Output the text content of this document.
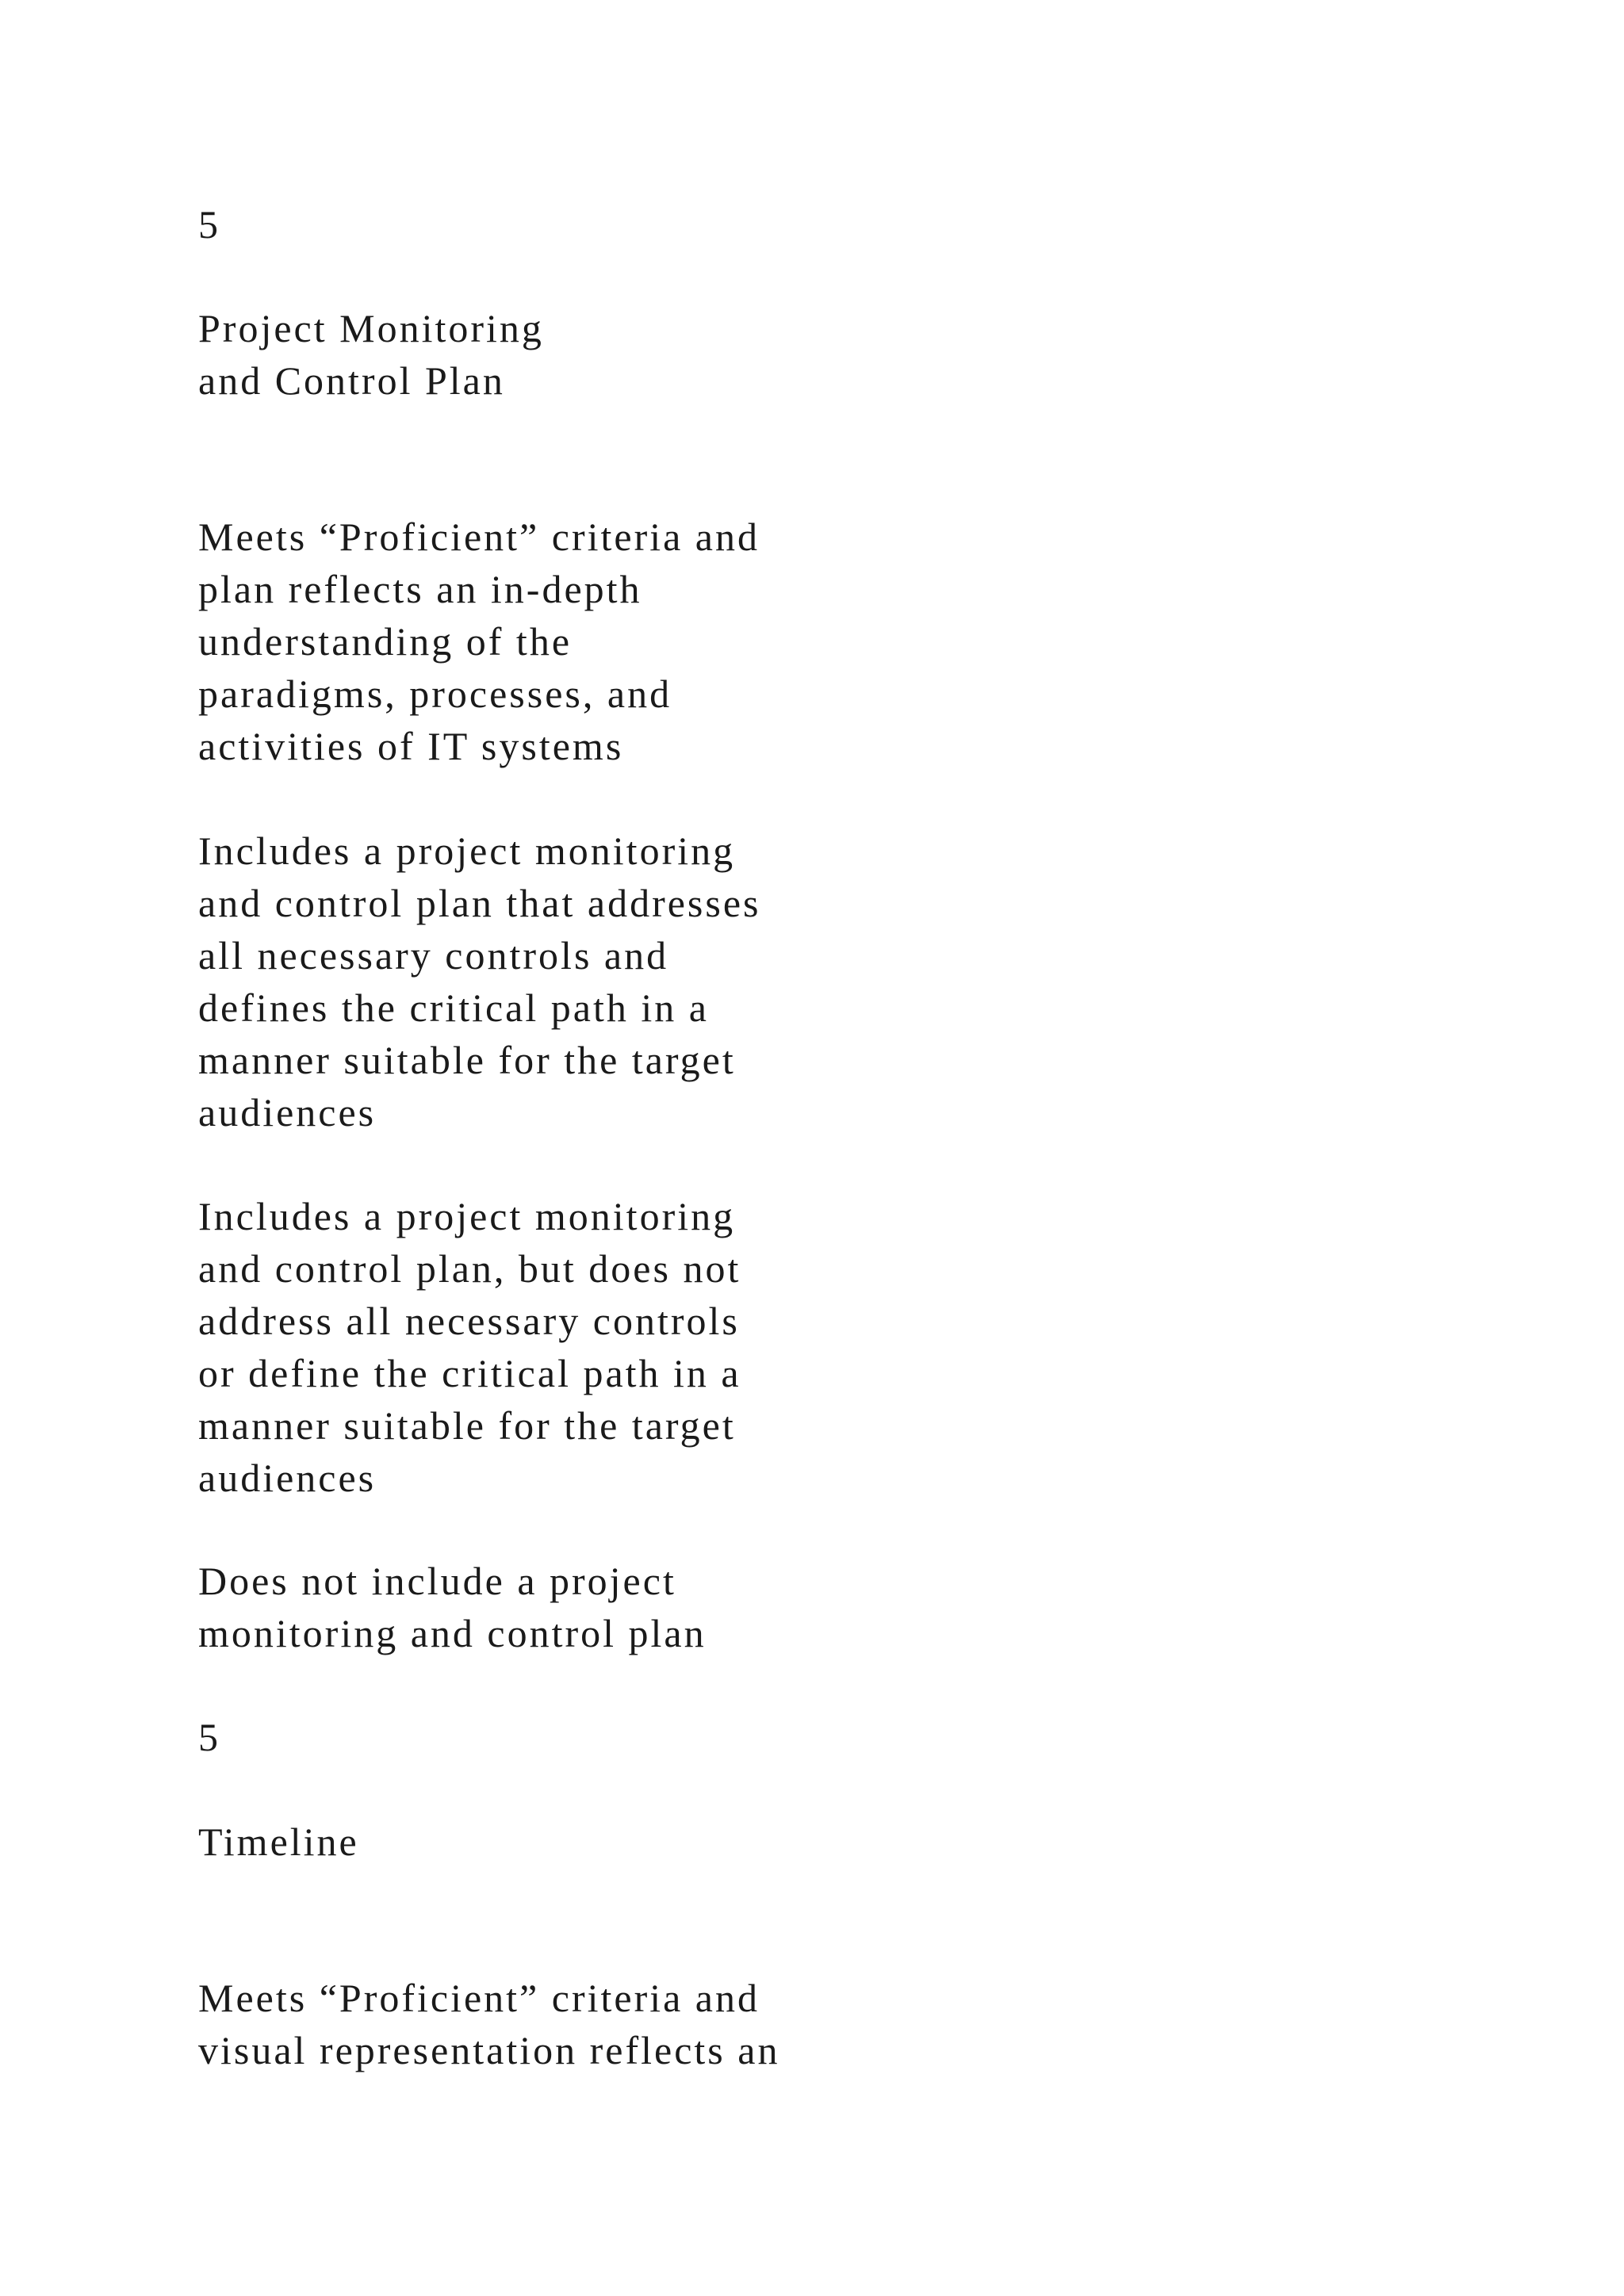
5

Project Monitoring
and Control Plan

Meets “Proficient” criteria and
plan reflects an in-depth
understanding of the
paradigms, processes, and
activities of IT systems

Includes a project monitoring
and control plan that addresses
all necessary controls and
defines the critical path in a
manner suitable for the target
audiences

Includes a project monitoring
and control plan, but does not
address all necessary controls
or define the critical path in a
manner suitable for the target
audiences

Does not include a project
monitoring and control plan

5

Timeline

Meets “Proficient” criteria and
visual representation reflects an
